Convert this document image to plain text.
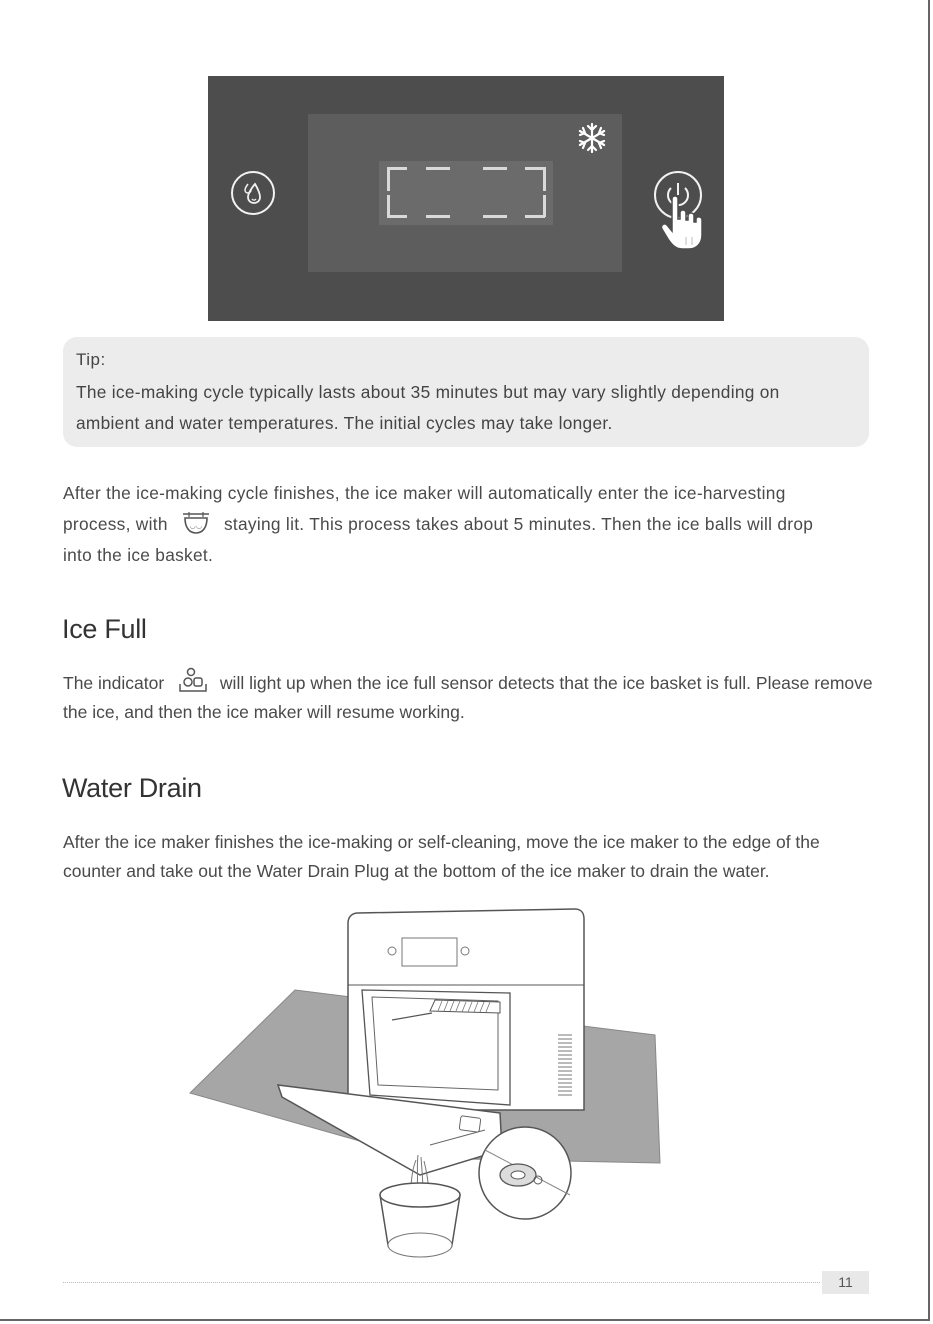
Tip:
The ice-making cycle typically lasts about 35 minutes but may vary slightly depending on
ambient and water temperatures. The initial cycles may take longer.
After the ice-making cycle finishes, the ice maker will automatically enter the ice-harvesting
process, with	◡◡ staying lit. This process takes about 5 minutes. Then the ice balls will drop
into the ice basket.
Ice Full
The indicator	will light up when the ice full sensor detects that the ice basket is full. Please remove
the ice, and then the ice maker will resume working.
Water Drain
After the ice maker finishes the ice-making or self-cleaning, move the ice maker to the edge of the
counter and take out the Water Drain Plug at the bottom of the ice maker to drain the water.
11
